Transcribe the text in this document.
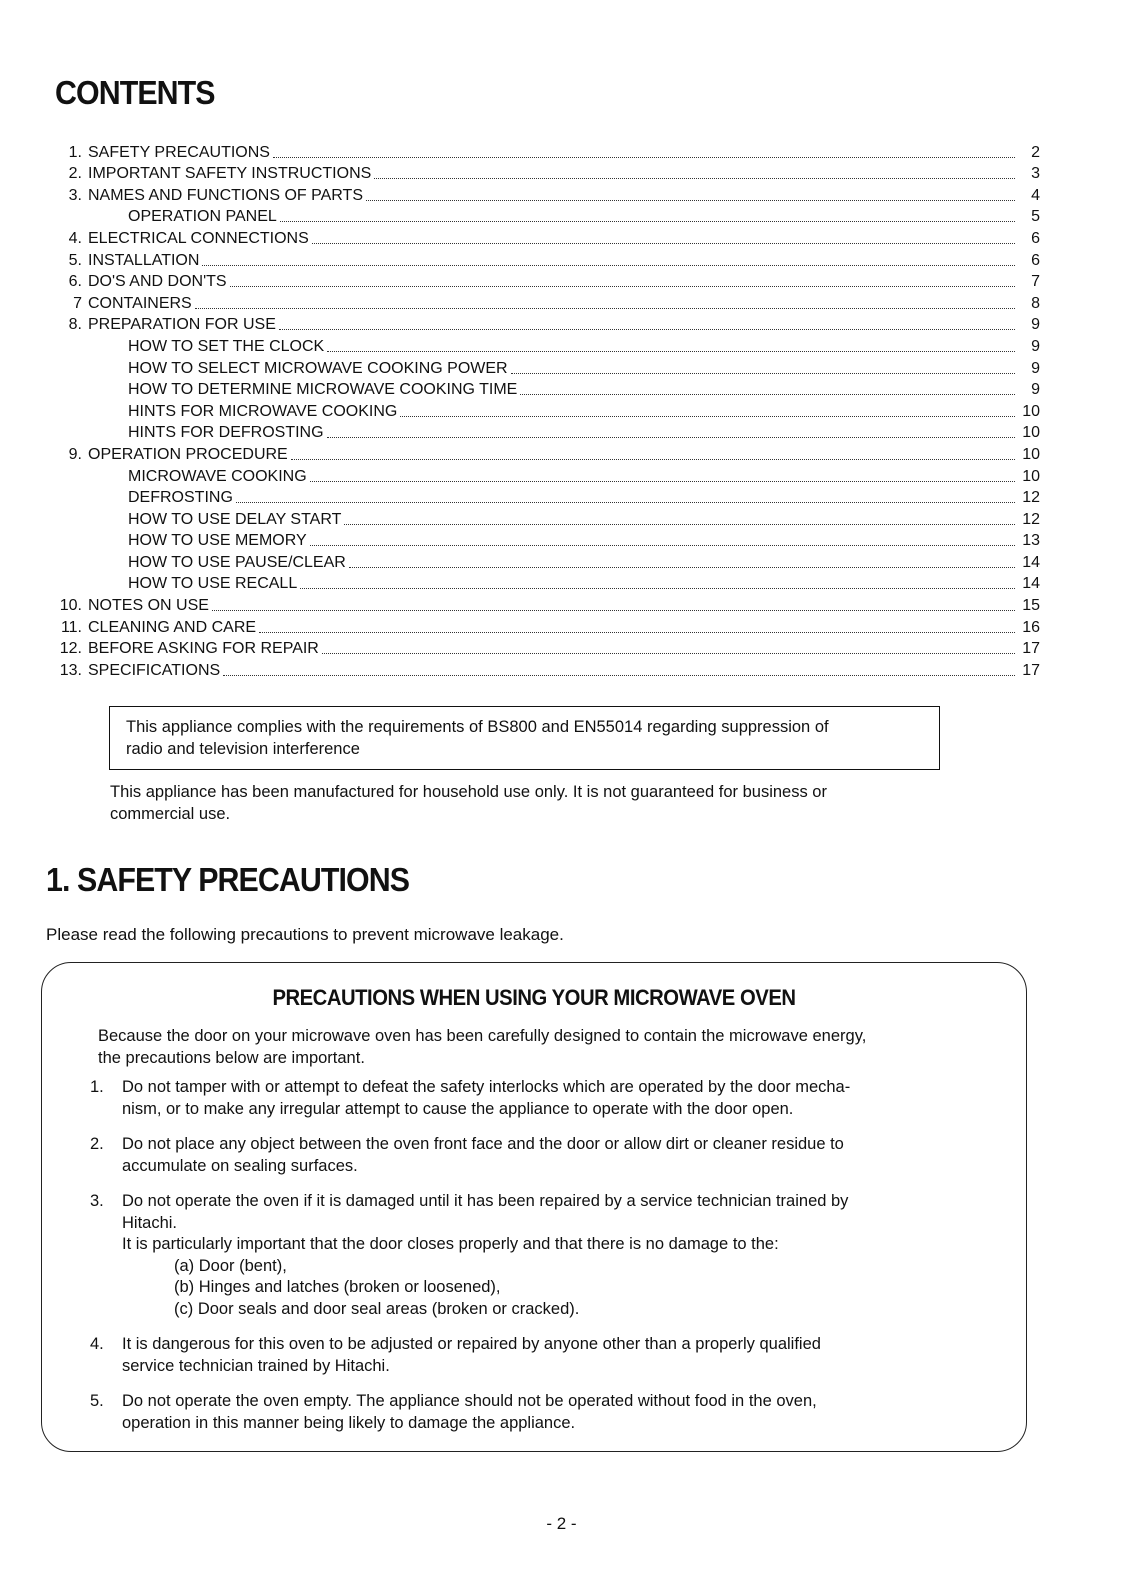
CONTENTS
1. SAFETY PRECAUTIONS	2
2. IMPORTANT SAFETY INSTRUCTIONS	3
3. NAMES AND FUNCTIONS OF PARTS	4
OPERATION PANEL	5
4. ELECTRICAL CONNECTIONS	6
5. INSTALLATION	6
6. DO'S AND DON'TS	7
7 CONTAINERS	8
8. PREPARATION FOR USE	9
HOW TO SET THE CLOCK	9
HOW TO SELECT MICROWAVE COOKING POWER	9
HOW TO DETERMINE MICROWAVE COOKING TIME	9
HINTS FOR MICROWAVE COOKING	10
HINTS FOR DEFROSTING	10
9. OPERATION PROCEDURE	10
MICROWAVE COOKING	10
DEFROSTING	12
HOW TO USE DELAY START	12
HOW TO USE MEMORY	13
HOW TO USE PAUSE/CLEAR	14
HOW TO USE RECALL	14
10. NOTES ON USE	15
11. CLEANING AND CARE	16
12. BEFORE ASKING FOR REPAIR	17
13. SPECIFICATIONS	17
This appliance complies with the requirements of BS800 and EN55014 regarding suppression of
radio and television interference
This appliance has been manufactured for household use only. It is not guaranteed for business or
commercial use.
1. SAFETY PRECAUTIONS
Please read the following precautions to prevent microwave leakage.
PRECAUTIONS WHEN USING YOUR MICROWAVE OVEN
Because the door on your microwave oven has been carefully designed to contain the microwave energy,
the precautions below are important.
1.	Do not tamper with or attempt to defeat the safety interlocks which are operated by the door mecha-
nism, or to make any irregular attempt to cause the appliance to operate with the door open.
2.	Do not place any object between the oven front face and the door or allow dirt or cleaner residue to
accumulate on sealing surfaces.
3.	Do not operate the oven if it is damaged until it has been repaired by a service technician trained by
Hitachi.
It is particularly important that the door closes properly and that there is no damage to the:
(a) Door (bent),
(b) Hinges and latches (broken or loosened),
(c) Door seals and door seal areas (broken or cracked).
4.	It is dangerous for this oven to be adjusted or repaired by anyone other than a properly qualified
service technician trained by Hitachi.
5.	Do not operate the oven empty. The appliance should not be operated without food in the oven,
operation in this manner being likely to damage the appliance.
- 2 -
